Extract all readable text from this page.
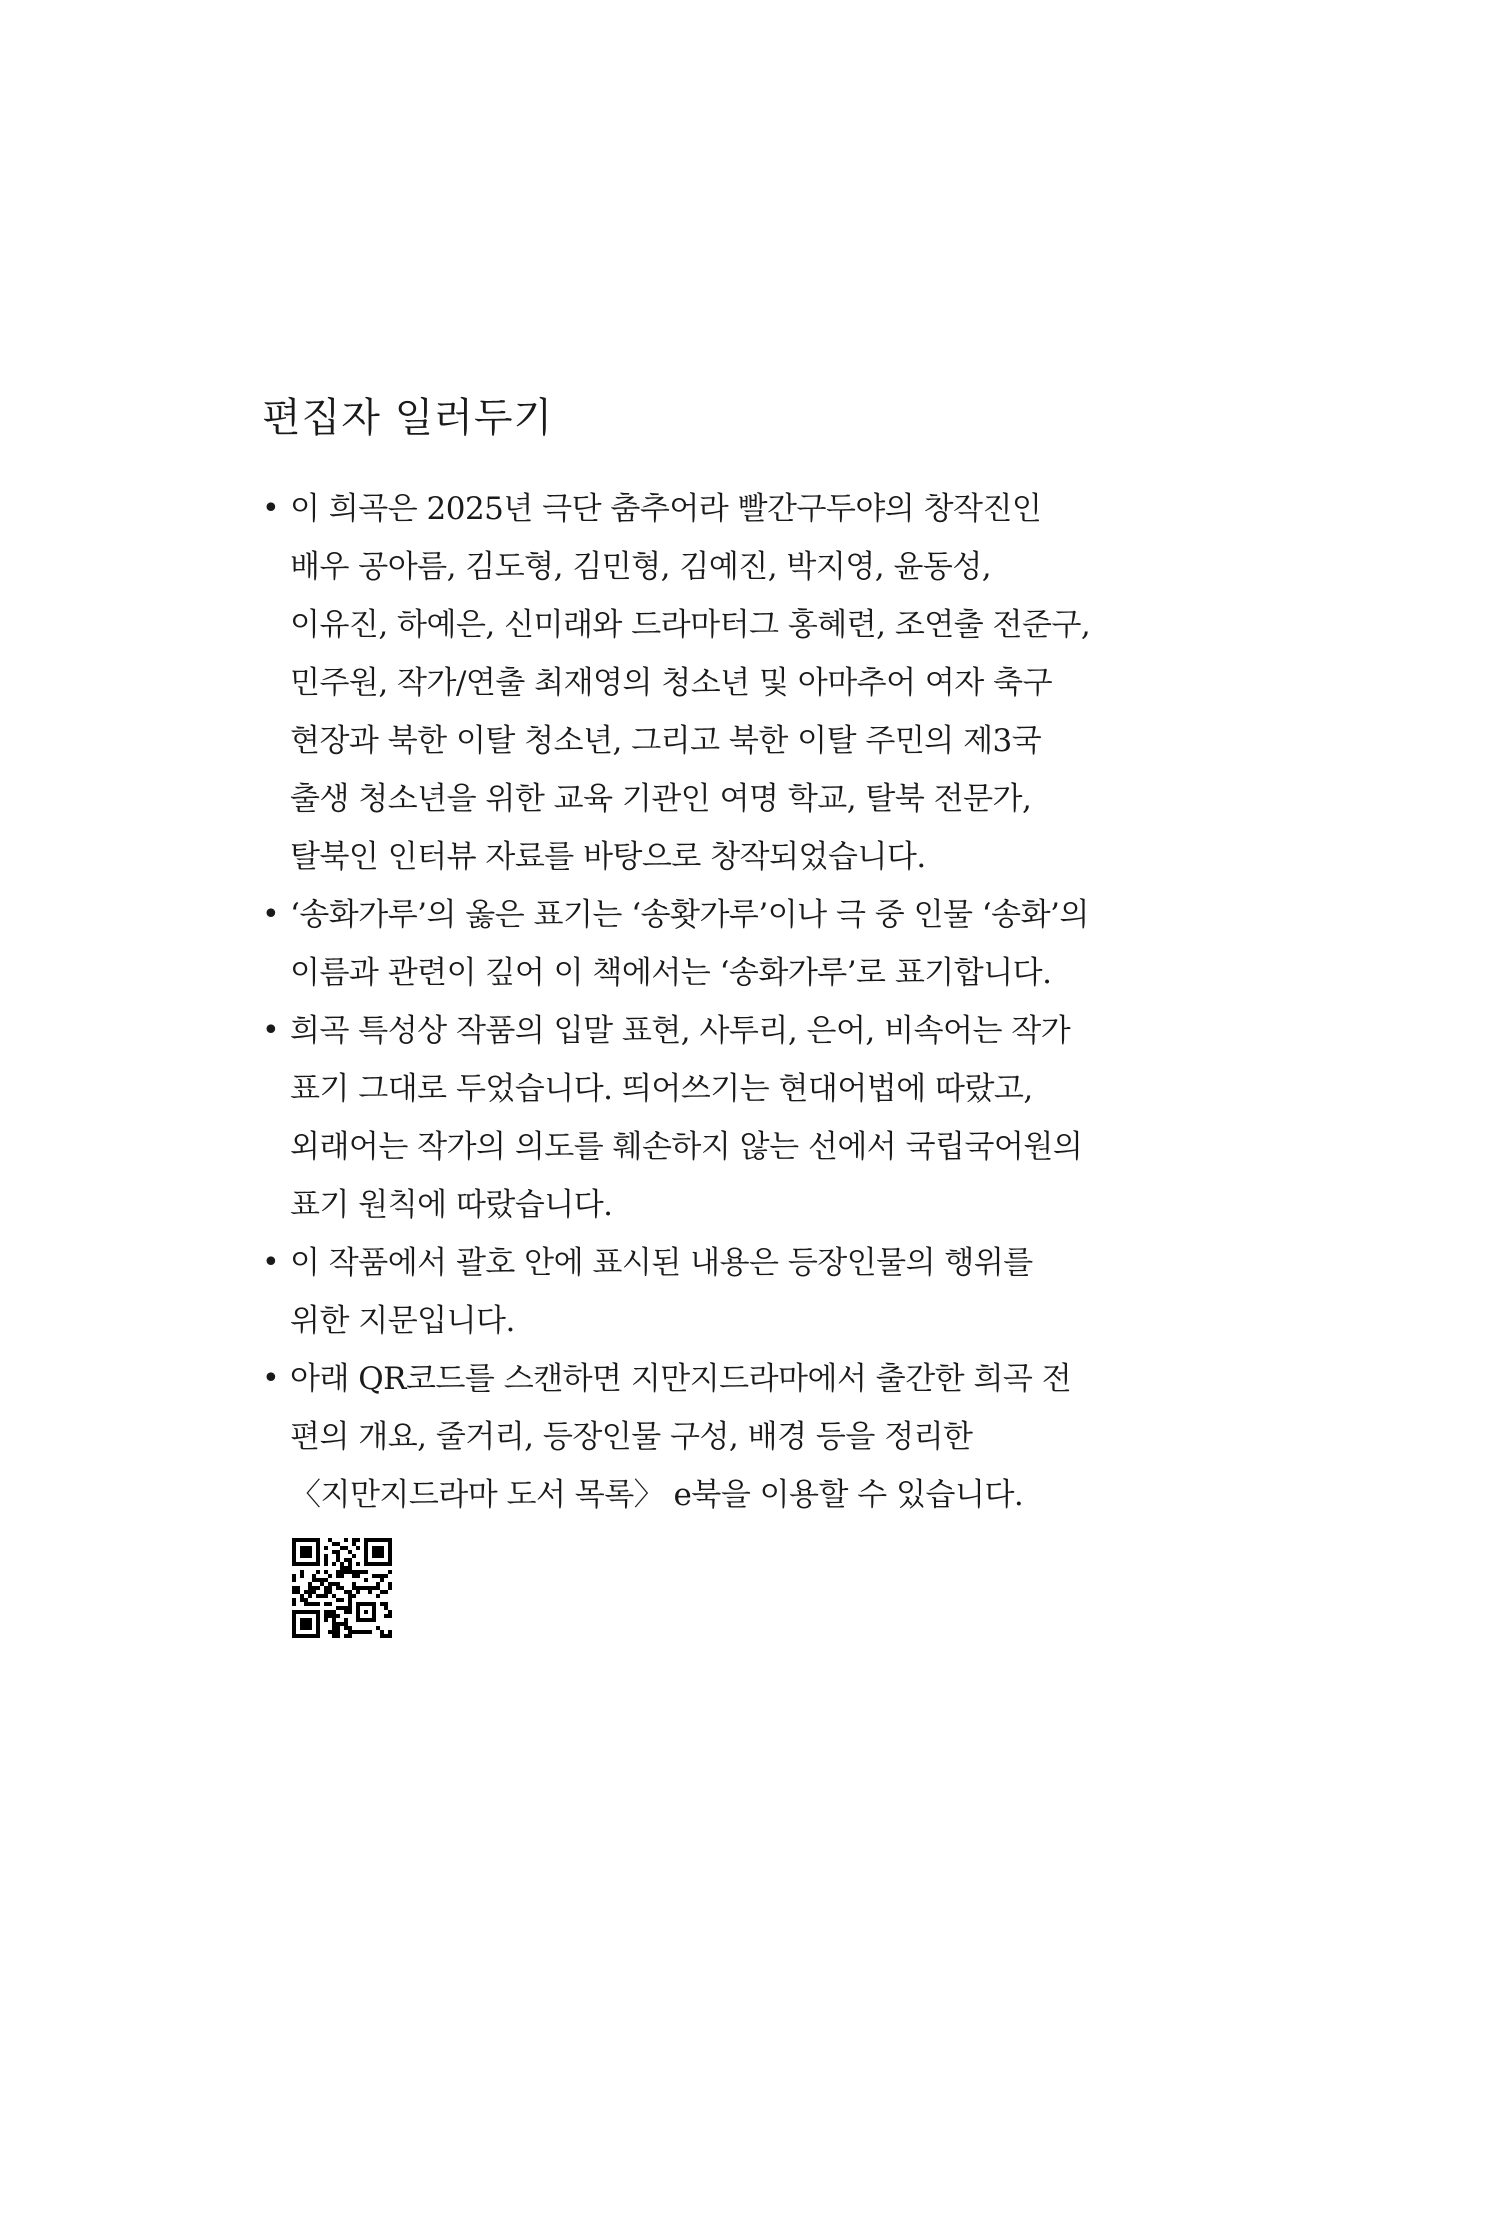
편집자 일러두기
• 이 희곡은 2025년 극단 춤추어라 빨간구두야의 창작진인
배우 공아름, 김도형, 김민형, 김예진, 박지영, 윤동성,
이유진, 하예은, 신미래와 드라마터그 홍혜련, 조연출 전준구,
민주원, 작가/연출 최재영의 청소년 및 아마추어 여자 축구
현장과 북한 이탈 청소년, 그리고 북한 이탈 주민의 제3국
출생 청소년을 위한 교육 기관인 여명 학교, 탈북 전문가,
탈북인 인터뷰 자료를 바탕으로 창작되었습니다.
• ‘송화가루’의 옳은 표기는 ‘송홧가루’이나 극 중 인물 ‘송화’의
이름과 관련이 깊어 이 책에서는 ‘송화가루’로 표기합니다.
• 희곡 특성상 작품의 입말 표현, 사투리, 은어, 비속어는 작가
표기 그대로 두었습니다. 띄어쓰기는 현대어법에 따랐고,
외래어는 작가의 의도를 훼손하지 않는 선에서 국립국어원의
표기 원칙에 따랐습니다.
• 이 작품에서 괄호 안에 표시된 내용은 등장인물의 행위를
위한 지문입니다.
• 아래 QR코드를 스캔하면 지만지드라마에서 출간한 희곡 전
편의 개요, 줄거리, 등장인물 구성, 배경 등을 정리한
〈지만지드라마 도서 목록〉 e북을 이용할 수 있습니다.
